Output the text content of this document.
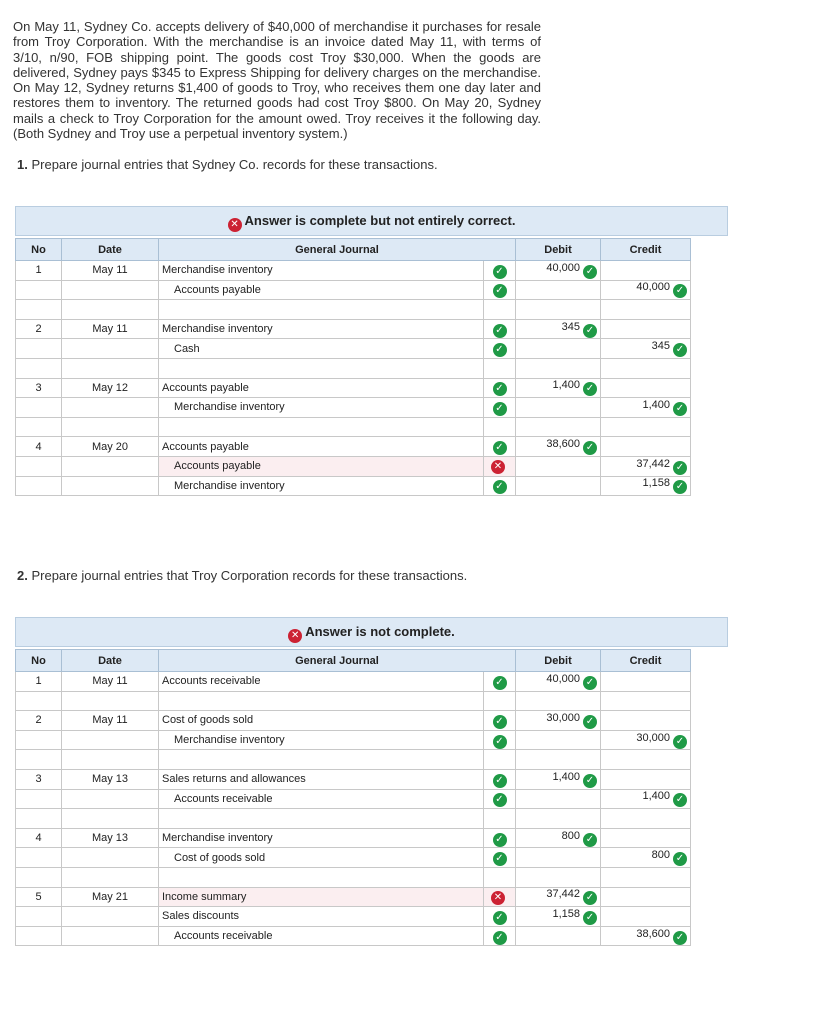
On May 11, Sydney Co. accepts delivery of $40,000 of merchandise it purchases for resale from Troy Corporation. With the merchandise is an invoice dated May 11, with terms of 3/10, n/90, FOB shipping point. The goods cost Troy $30,000. When the goods are delivered, Sydney pays $345 to Express Shipping for delivery charges on the merchandise. On May 12, Sydney returns $1,400 of goods to Troy, who receives them one day later and restores them to inventory. The returned goods had cost Troy $800. On May 20, Sydney mails a check to Troy Corporation for the amount owed. Troy receives it the following day. (Both Sydney and Troy use a perpetual inventory system.)
1. Prepare journal entries that Sydney Co. records for these transactions.
✕ Answer is complete but not entirely correct.
No	Date	General Journal		Debit	Credit
1	May 11	Merchandise inventory	✓	40,000 ✓	
		Accounts payable	✓		40,000 ✓

2	May 11	Merchandise inventory	✓	345 ✓	
		Cash	✓		345 ✓

3	May 12	Accounts payable	✓	1,400 ✓	
		Merchandise inventory	✓		1,400 ✓

4	May 20	Accounts payable	✓	38,600 ✓	
		Accounts payable	✕		37,442 ✓
		Merchandise inventory	✓		1,158 ✓
2. Prepare journal entries that Troy Corporation records for these transactions.
✕ Answer is not complete.
No	Date	General Journal		Debit	Credit
1	May 11	Accounts receivable	✓	40,000 ✓	

2	May 11	Cost of goods sold	✓	30,000 ✓	
		Merchandise inventory	✓		30,000 ✓

3	May 13	Sales returns and allowances	✓	1,400 ✓	
		Accounts receivable	✓		1,400 ✓

4	May 13	Merchandise inventory	✓	800 ✓	
		Cost of goods sold	✓		800 ✓

5	May 21	Income summary	✕	37,442 ✓	
		Sales discounts	✓	1,158 ✓	
		Accounts receivable	✓		38,600 ✓
